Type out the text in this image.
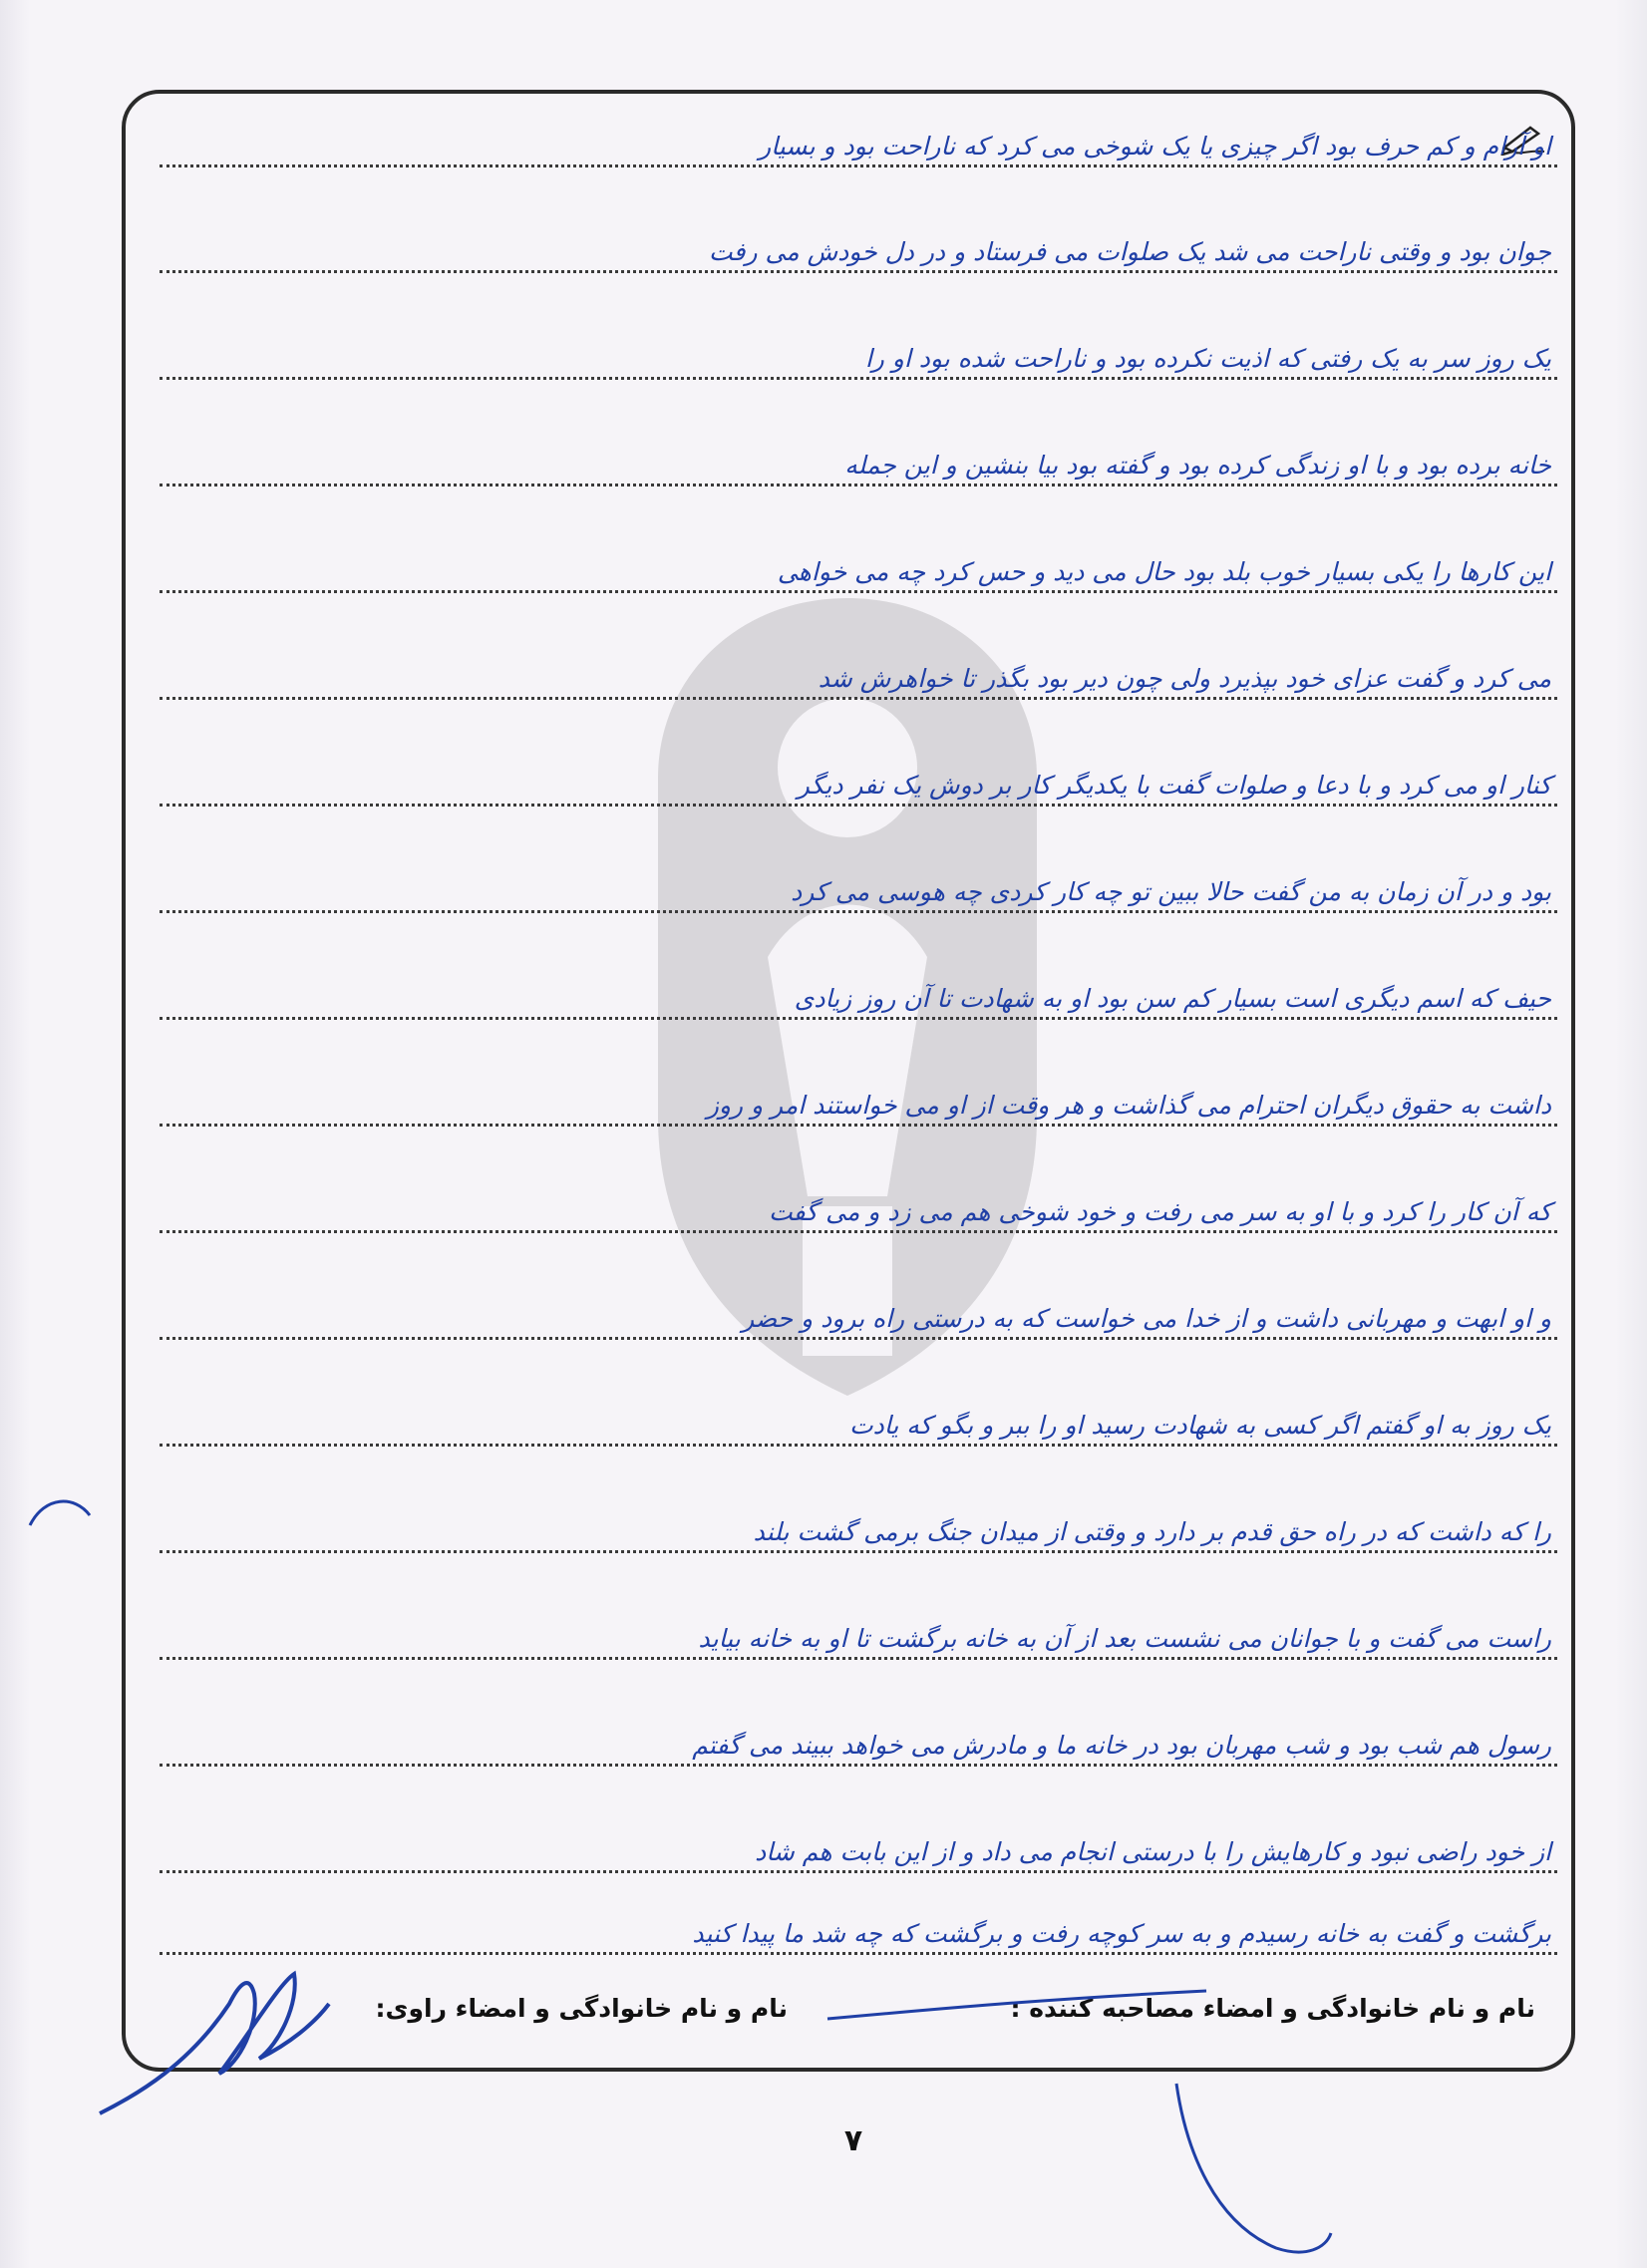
او آرام و کم حرف بود اگر چیزی یا یک شوخی می کرد که ناراحت بود و بسیار
جوان بود و وقتی ناراحت می شد یک صلوات می فرستاد و در دل خودش می رفت
یک روز سر به یک رفتی که اذیت نکرده بود و ناراحت شده بود او را
خانه برده بود و با او زندگی کرده بود و گفته بود بیا بنشین و این جمله
این کارها را یکی بسیار خوب بلد بود حال می دید و حس کرد چه می خواهی
می کرد و گفت عزای خود بپذیرد ولی چون دیر بود بگذر تا خواهرش شد
کنار او می کرد و با دعا و صلوات گفت با یکدیگر کار بر دوش یک نفر دیگر
بود و در آن زمان به من گفت حالا ببین تو چه کار کردی چه هوسی می کرد
حیف که اسم دیگری است بسیار کم سن بود او به شهادت تا آن روز زیادی
داشت به حقوق دیگران احترام می گذاشت و هر وقت از او می خواستند امر و روز
که آن کار را کرد و با او به سر می رفت و خود شوخی هم می زد و می گفت
و او ابهت و مهربانی داشت و از خدا می خواست که به درستی راه برود و حضر
یک روز به او گفتم اگر کسی به شهادت رسید او را ببر و بگو که یادت
را که داشت که در راه حق قدم بر دارد و وقتی از میدان جنگ برمی گشت بلند
راست می گفت و با جوانان می نشست بعد از آن به خانه برگشت تا او به خانه بیاید
رسول هم شب بود و شب مهربان بود در خانه ما و مادرش می خواهد ببیند می گفتم
از خود راضی نبود و کارهایش را با درستی انجام می داد و از این بابت هم شاد
برگشت و گفت به خانه رسیدم و به سر کوچه رفت و برگشت که چه شد ما پیدا کنید
نام و نام خانوادگی و امضاء مصاحبه کننده :
نام و نام خانوادگی و امضاء راوی:
۷
